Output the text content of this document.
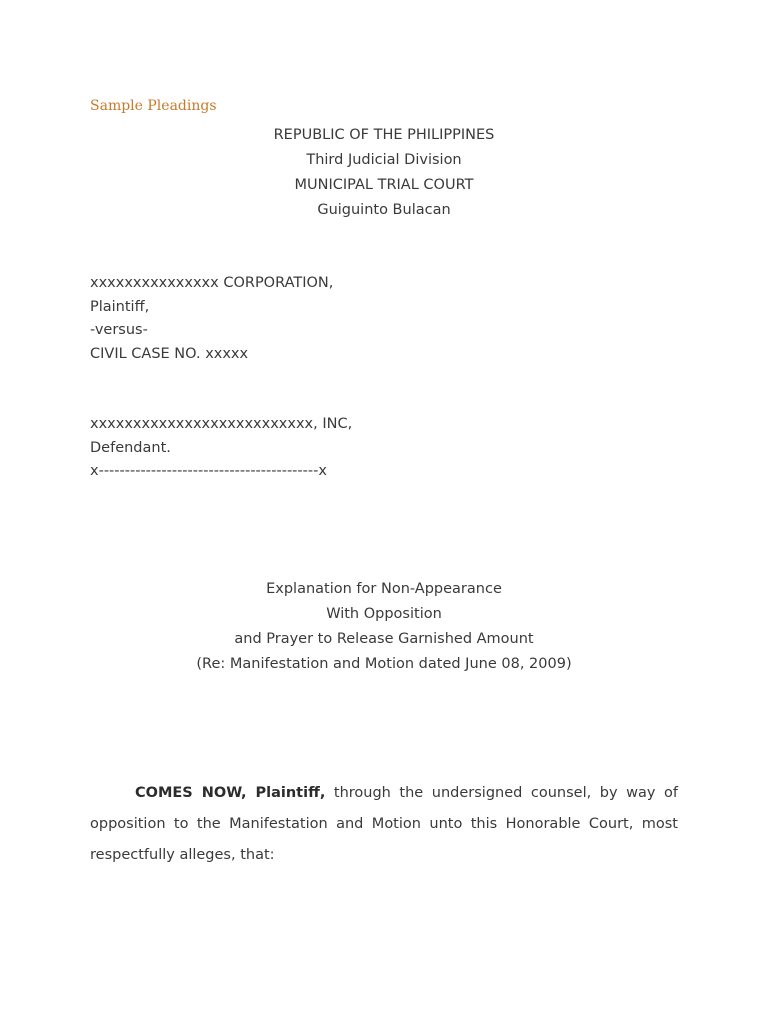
Sample Pleadings
REPUBLIC OF THE PHILIPPINES
Third Judicial Division
MUNICIPAL TRIAL COURT
Guiguinto Bulacan
xxxxxxxxxxxxxxx CORPORATION,
Plaintiff,
-versus-
CIVIL CASE NO. xxxxx
xxxxxxxxxxxxxxxxxxxxxxxxxx, INC,
Defendant.
x------------------------------------------x
Explanation for Non-Appearance
With Opposition
and Prayer to Release Garnished Amount
(Re: Manifestation and Motion dated June 08, 2009)
COMES NOW, Plaintiff, through the undersigned counsel, by way of opposition to the Manifestation and Motion unto this Honorable Court, most respectfully alleges, that:
